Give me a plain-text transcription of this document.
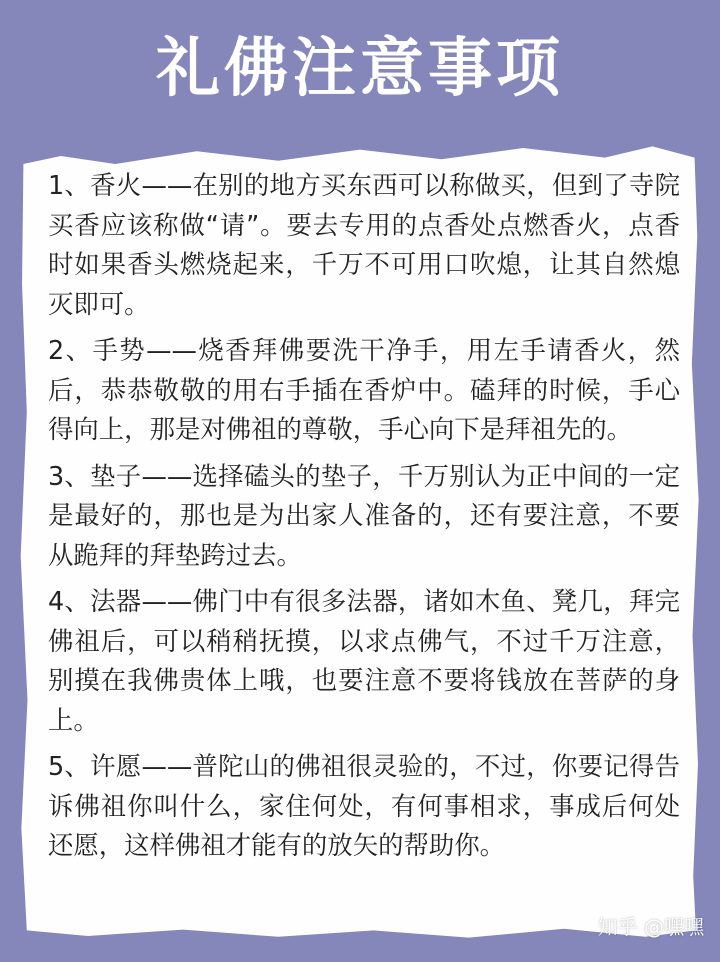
礼佛注意事项

1、香火——在别的地方买东西可以称做买，但到了寺院买香应该称做“请”。要去专用的点香处点燃香火，点香时如果香头燃烧起来，千万不可用口吹熄，让其自然熄灭即可。

2、手势——烧香拜佛要洗干净手，用左手请香火，然后，恭恭敬敬的用右手插在香炉中。磕拜的时候，手心得向上，那是对佛祖的尊敬，手心向下是拜祖先的。

3、垫子——选择磕头的垫子，千万别认为正中间的一定是最好的，那也是为出家人准备的，还有要注意，不要从跪拜的拜垫跨过去。

4、法器——佛门中有很多法器，诸如木鱼、凳几，拜完佛祖后，可以稍稍抚摸，以求点佛气，不过千万注意，别摸在我佛贵体上哦，也要注意不要将钱放在菩萨的身上。

5、许愿——普陀山的佛祖很灵验的，不过，你要记得告诉佛祖你叫什么，家住何处，有何事相求，事成后何处还愿，这样佛祖才能有的放矢的帮助你。

知乎 @嘿嘿
